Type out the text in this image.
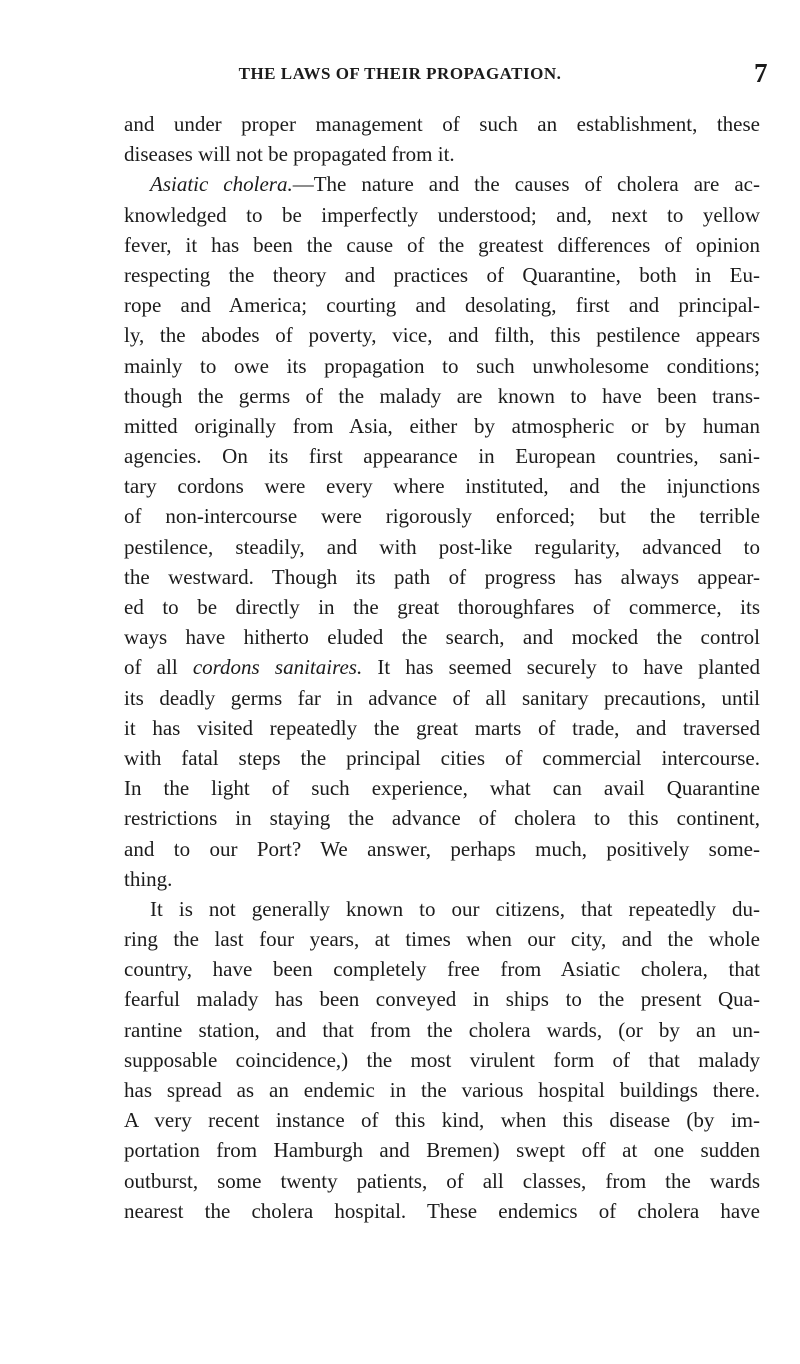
THE LAWS OF THEIR PROPAGATION.	7
and under proper management of such an establishment, these
diseases will not be propagated from it.
Asiatic cholera.—The nature and the causes of cholera are ac-
knowledged to be imperfectly understood; and, next to yellow
fever, it has been the cause of the greatest differences of opinion
respecting the theory and practices of Quarantine, both in Eu-
rope and America; courting and desolating, first and principal-
ly, the abodes of poverty, vice, and filth, this pestilence appears
mainly to owe its propagation to such unwholesome conditions;
though the germs of the malady are known to have been trans-
mitted originally from Asia, either by atmospheric or by human
agencies. On its first appearance in European countries, sani-
tary cordons were every where instituted, and the injunctions
of non-intercourse were rigorously enforced; but the terrible
pestilence, steadily, and with post-like regularity, advanced to
the westward. Though its path of progress has always appear-
ed to be directly in the great thoroughfares of commerce, its
ways have hitherto eluded the search, and mocked the control
of all cordons sanitaires. It has seemed securely to have planted
its deadly germs far in advance of all sanitary precautions, until
it has visited repeatedly the great marts of trade, and traversed
with fatal steps the principal cities of commercial intercourse.
In the light of such experience, what can avail Quarantine
restrictions in staying the advance of cholera to this continent,
and to our Port? We answer, perhaps much, positively some-
thing.
It is not generally known to our citizens, that repeatedly du-
ring the last four years, at times when our city, and the whole
country, have been completely free from Asiatic cholera, that
fearful malady has been conveyed in ships to the present Qua-
rantine station, and that from the cholera wards, (or by an un-
supposable coincidence,) the most virulent form of that malady
has spread as an endemic in the various hospital buildings there.
A very recent instance of this kind, when this disease (by im-
portation from Hamburgh and Bremen) swept off at one sudden
outburst, some twenty patients, of all classes, from the wards
nearest the cholera hospital. These endemics of cholera have
